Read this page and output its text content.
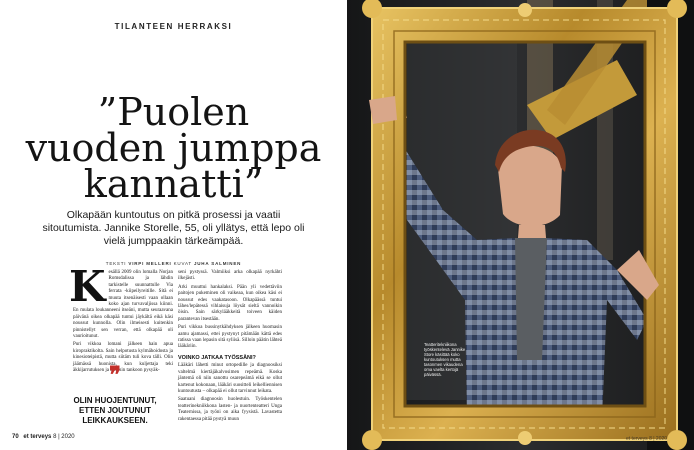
TILANTEEN HERRAKSI
”Puolen
vuoden jumppa
kannatti”
Olkapään kuntoutus on pitkä prosessi ja vaatii sitoutumista. Jannike Storelle, 55, oli yllätys, että lepo oli vielä jumppaakin tärkeämpää.
TEKSTI VIRPI MELLERI KUVAT JUHA SALMINEN
K esällä 2009 olin lomalla Norjan Romsdalissa ja lähdin tarkistelle suunnattulle Via ferrata -kiipeilyreitille. Sitä ei muuta itsenäisesti vaan ollaan koko ajan turvavaljissa kiinni. En mulata loukanneeni itseäni, mutta seuraavana päivänä oikea olkapää tuntui jäykältä eikä käsi noussut kunnolla. Olin ilmeisesti kuitenkin pinnistellyt sen verran, että olkapää oli vaurioitunut.

Puri vikkoa lomani jälkeen hain apua kiropraktikolta. Sain helpotusta kylmähoidosta ja kinesioteipistä, mutta siitäm tuli kova tälli. Olin jäämässä huonista, kun kuljettaja teki äkkijarrutuksen ja tarrasin tankoon pysyäk-

seni pystyssä. Valmiiksi arka olkapää nyrkähti ilkejästi.

Arki muuttui hankalaksi. Pään yli vedettäviin paitojen pukeminen oli vaikeaa, kun oikea käsi ei noussut edes vaakatasoon. Olkapäässä tuntui lähes/lepätessä vihlaisuja löysät sieltä vannoikin öisin. Sain särkylääkkeitä toiveen käiden parantevan itsestään.

Puri vikkoa bussinytkähdyksen jälkeen huomasin aamu ajamassi, ettei pystynyt pitämään kättä edes ratissa vaan lepasin sitä syliisä. Silloin päätin lähteä lääkäriin.

VOINKO JATKAA TYÖSSÄNI?

Lääkäri lähetti minut ortopedille ja diagnoosiksi valtelmä kiertäjäkalvosimen repeämä. Koska jäntemä oli niin sanottu osarepeämä eikä se ollut kartenut kokonaan, lääkäri suositteli leikelliennisen kuntoutusta – olkapää ei ollut tarvinnut leikata.

Saatuani diagnoosin huolestuin. Työskentelen teatterinekniikkona lasten- ja nuortenteatteri Unga Teaternissa, ja työni on aika fyysistä. Lavastetta rakentaessa pitää pystyä muun

❞
OLIN HUOJENTUNUT, ETTEN JOUTUNUT LEIKKAUKSEEN.
70 et terveys 8 | 2020
Teatteritekniikona työskentelevä Jannike Store käsittää koko kuntoutuksen mutta tasonmen vikaudena oma vaelta kertojä päivässä.
et terveys 8 | 2020
